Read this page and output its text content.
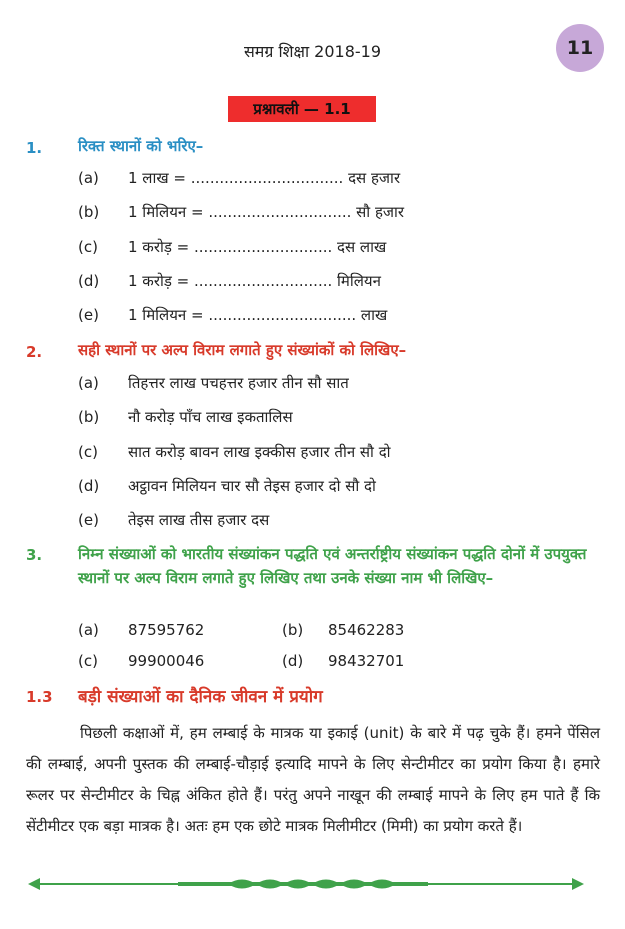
समग्र शिक्षा 2018-19	11
प्रश्नावली — 1.1
1. रिक्त स्थानों को भरिए–
(a) 1 लाख = ................................ दस हजार
(b) 1 मिलियन = .............................. सौ हजार
(c) 1 करोड़ = ............................. दस लाख
(d) 1 करोड़ = ............................. मिलियन
(e) 1 मिलियन = ............................... लाख
2. सही स्थानों पर अल्प विराम लगाते हुए संख्यांकों को लिखिए–
(a) तिहत्तर लाख पचहत्तर हजार तीन सौ सात
(b) नौ करोड़ पाँच लाख इकतालिस
(c) सात करोड़ बावन लाख इक्कीस हजार तीन सौ दो
(d) अट्ठावन मिलियन चार सौ तेइस हजार दो सौ दो
(e) तेइस लाख तीस हजार दस
3. निम्न संख्याओं को भारतीय संख्यांकन पद्धति एवं अन्तर्राष्ट्रीय संख्यांकन पद्धति दोनों में उपयुक्त स्थानों पर अल्प विराम लगाते हुए लिखिए तथा उनके संख्या नाम भी लिखिए–
(a) 87595762	(b) 85462283
(c) 99900046	(d) 98432701
1.3 बड़ी संख्याओं का दैनिक जीवन में प्रयोग
पिछली कक्षाओं में, हम लम्बाई के मात्रक या इकाई (unit) के बारे में पढ़ चुके हैं। हमने पेंसिल की लम्बाई, अपनी पुस्तक की लम्बाई-चौड़ाई इत्यादि मापने के लिए सेन्टीमीटर का प्रयोग किया है। हमारे रूलर पर सेन्टीमीटर के चिह्न अंकित होते हैं। परंतु अपने नाखून की लम्बाई मापने के लिए हम पाते हैं कि सेंटीमीटर एक बड़ा मात्रक है। अतः हम एक छोटे मात्रक मिलीमीटर (मिमी) का प्रयोग करते हैं।
